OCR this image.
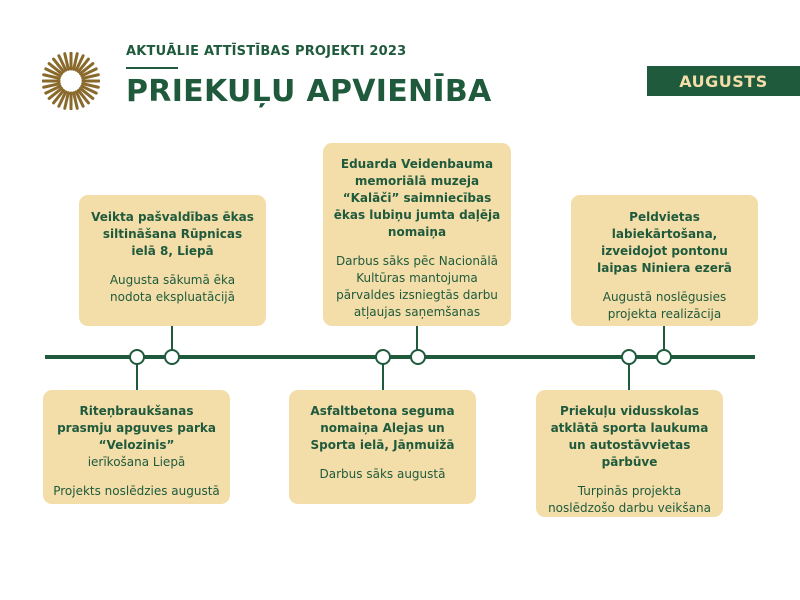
AKTUĀLIE ATTĪSTĪBAS PROJEKTI 2023
PRIEKUĻU APVIENĪBA	AUGUSTS
Veikta pašvaldības ēkas siltināšana Rūpnicas ielā 8, Liepā
Augusta sākumā ēka nodota ekspluatācijā
Eduarda Veidenbauma memoriālā muzeja “Kalāči” saimniecības ēkas lubiņu jumta daļēja nomaiņa
Darbus sāks pēc Nacionālā Kultūras mantojuma pārvaldes izsniegtās darbu atļaujas saņemšanas
Peldvietas labiekārtošana, izveidojot pontonu laipas Niniera ezerā
Augustā noslēgusies projekta realizācija
Riteņbraukšanas prasmju apguves parka “Velozinis”
ierīkošana Liepā
Projekts noslēdzies augustā
Asfaltbetona seguma nomaiņa Alejas un Sporta ielā, Jāņmuižā
Darbus sāks augustā
Priekuļu vidusskolas atklātā sporta laukuma un autostāvvietas pārbūve
Turpinās projekta noslēdzošo darbu veikšana
